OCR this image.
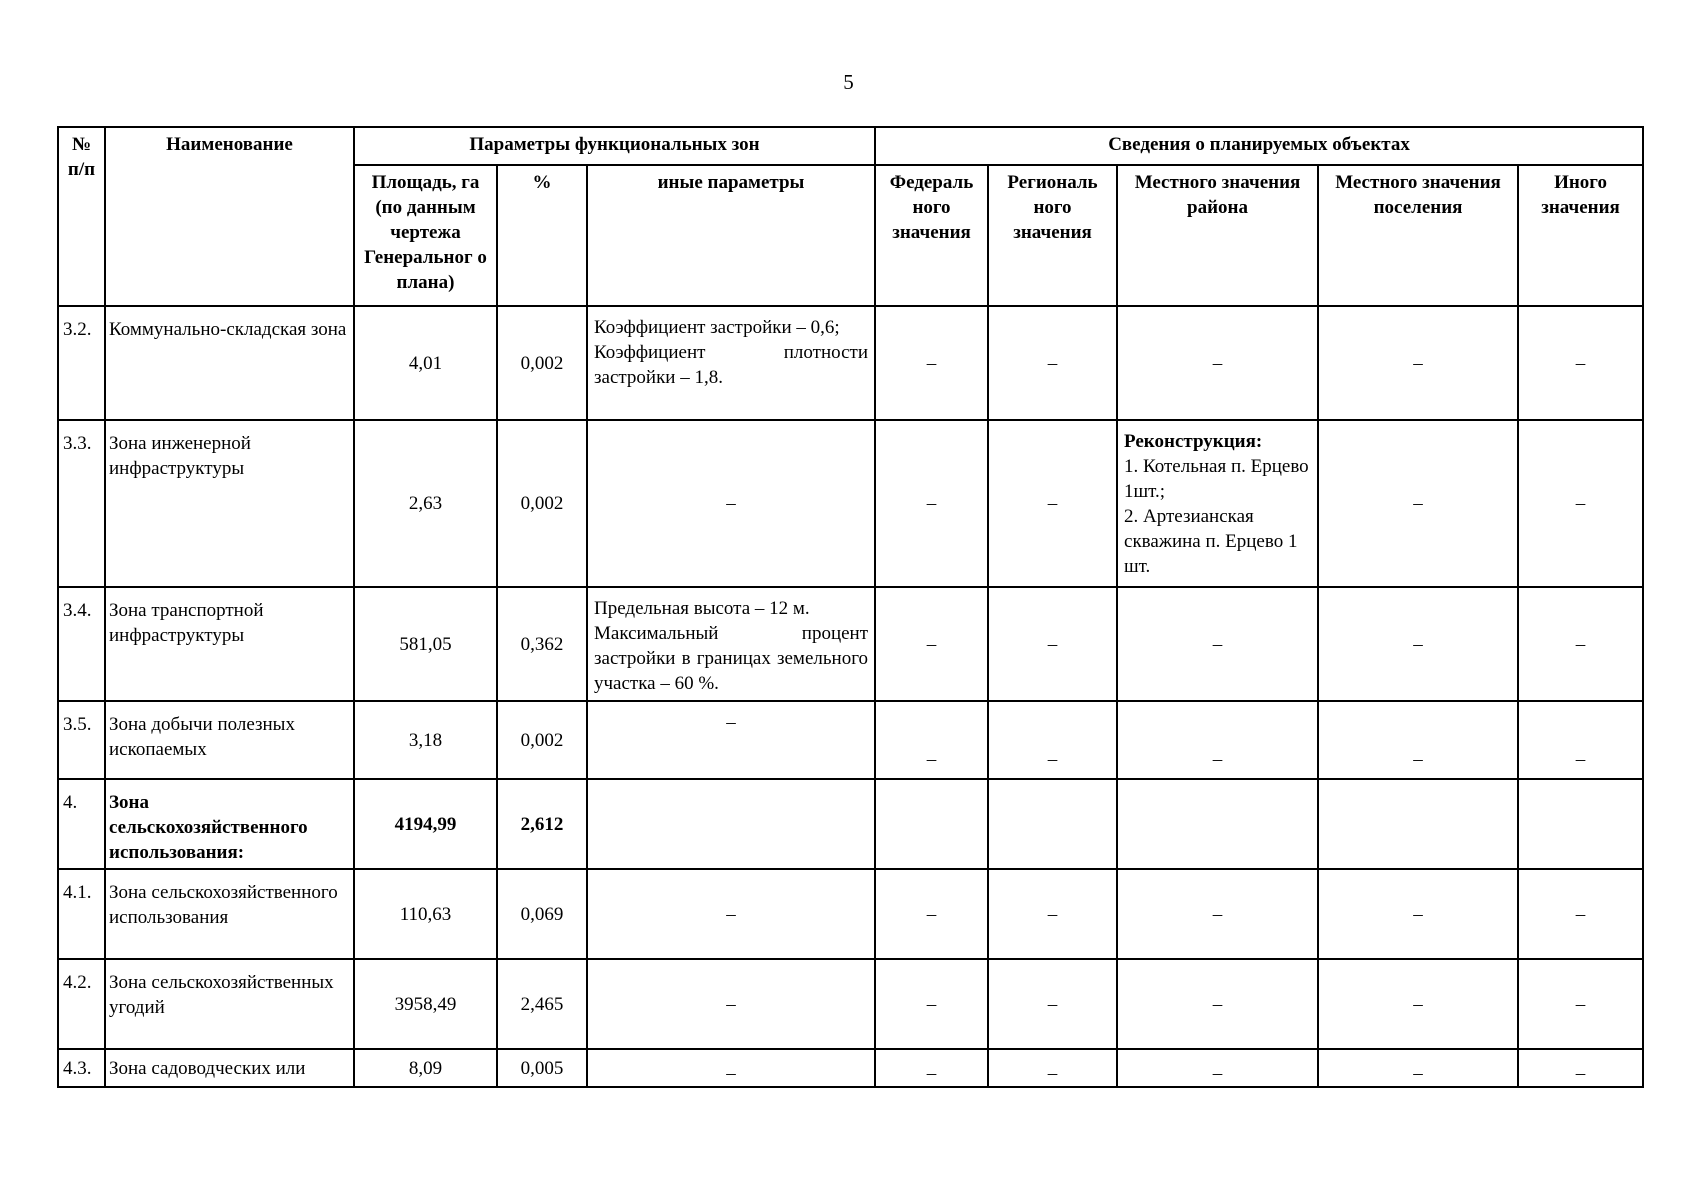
5
№ п/п	Наименование	Параметры функциональных зон			Сведения о планируемых объектах				
		Площадь, га (по данным чертежа Генеральног о плана)	%	иные параметры	Федераль ного значения	Региональ ного значения	Местного значения района	Местного значения поселения	Иного значения
3.2.	Коммунально-складская зона	4,01	0,002	Коэффициент застройки – 0,6;
Коэффициент плотности застройки – 1,8.	–	–	–	–	–
3.3.	Зона инженерной инфраструктуры	2,63	0,002	–	–	–	Реконструкция:
1. Котельная п. Ерцево 1шт.;
2. Артезианская скважина п. Ерцево 1 шт.	–	–
3.4.	Зона транспортной инфраструктуры	581,05	0,362	Предельная высота – 12 м.
Максимальный процент застройки в границах земельного участка – 60 %.	–	–	–	–	–
3.5.	Зона добычи полезных ископаемых	3,18	0,002	–	–	–	–	–	–
4.	Зона сельскохозяйственного использования:	4194,99	2,612						
4.1.	Зона сельскохозяйственного использования	110,63	0,069	–	–	–	–	–	–
4.2.	Зона сельскохозяйственных угодий	3958,49	2,465	–	–	–	–	–	–
4.3.	Зона садоводческих или	8,09	0,005	–	–	–	–	–	–
